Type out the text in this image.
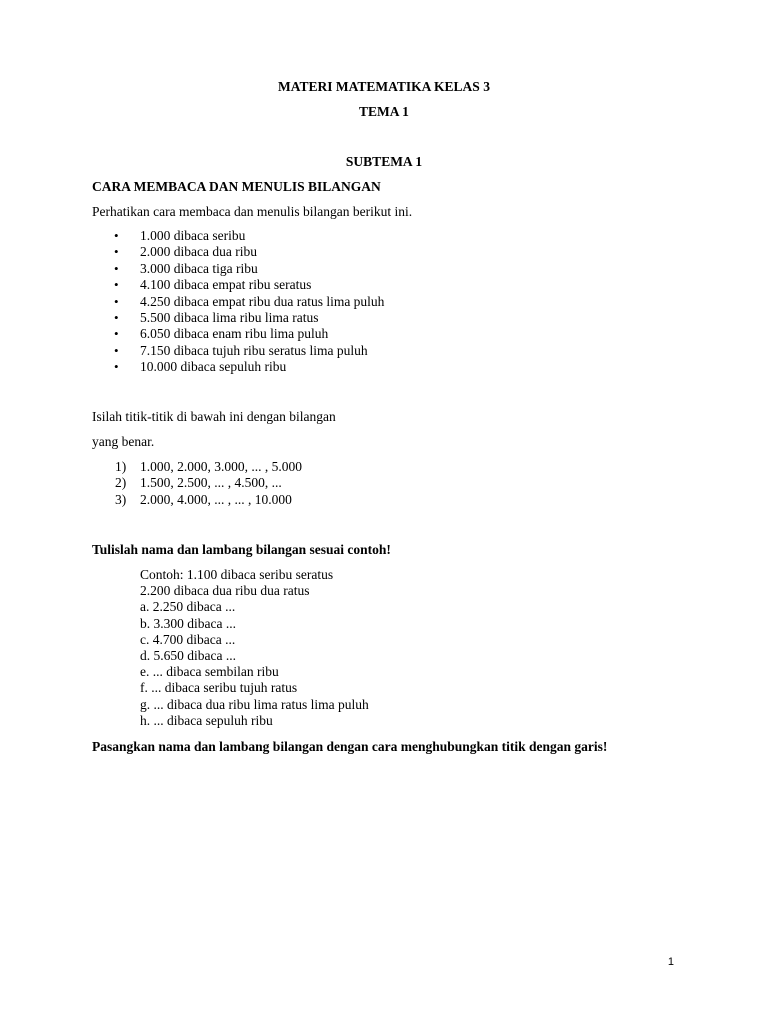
MATERI MATEMATIKA KELAS 3
TEMA 1
SUBTEMA 1
CARA MEMBACA DAN MENULIS BILANGAN
Perhatikan cara membaca dan menulis bilangan berikut ini.
• 1.000 dibaca seribu
• 2.000 dibaca dua ribu
• 3.000 dibaca tiga ribu
• 4.100 dibaca empat ribu seratus
• 4.250 dibaca empat ribu dua ratus lima puluh
• 5.500 dibaca lima ribu lima ratus
• 6.050 dibaca enam ribu lima puluh
• 7.150 dibaca tujuh ribu seratus lima puluh
• 10.000 dibaca sepuluh ribu
Isilah titik-titik di bawah ini dengan bilangan
yang benar.
1) 1.000, 2.000, 3.000, ... , 5.000
2) 1.500, 2.500, ... , 4.500, ...
3) 2.000, 4.000, ... , ... , 10.000
Tulislah nama dan lambang bilangan sesuai contoh!
Contoh: 1.100 dibaca seribu seratus
2.200 dibaca dua ribu dua ratus
a. 2.250 dibaca ...
b. 3.300 dibaca ...
c. 4.700 dibaca ...
d. 5.650 dibaca ...
e. ... dibaca sembilan ribu
f. ... dibaca seribu tujuh ratus
g. ... dibaca dua ribu lima ratus lima puluh
h. ... dibaca sepuluh ribu
Pasangkan nama dan lambang bilangan dengan cara menghubungkan titik dengan garis!
1
